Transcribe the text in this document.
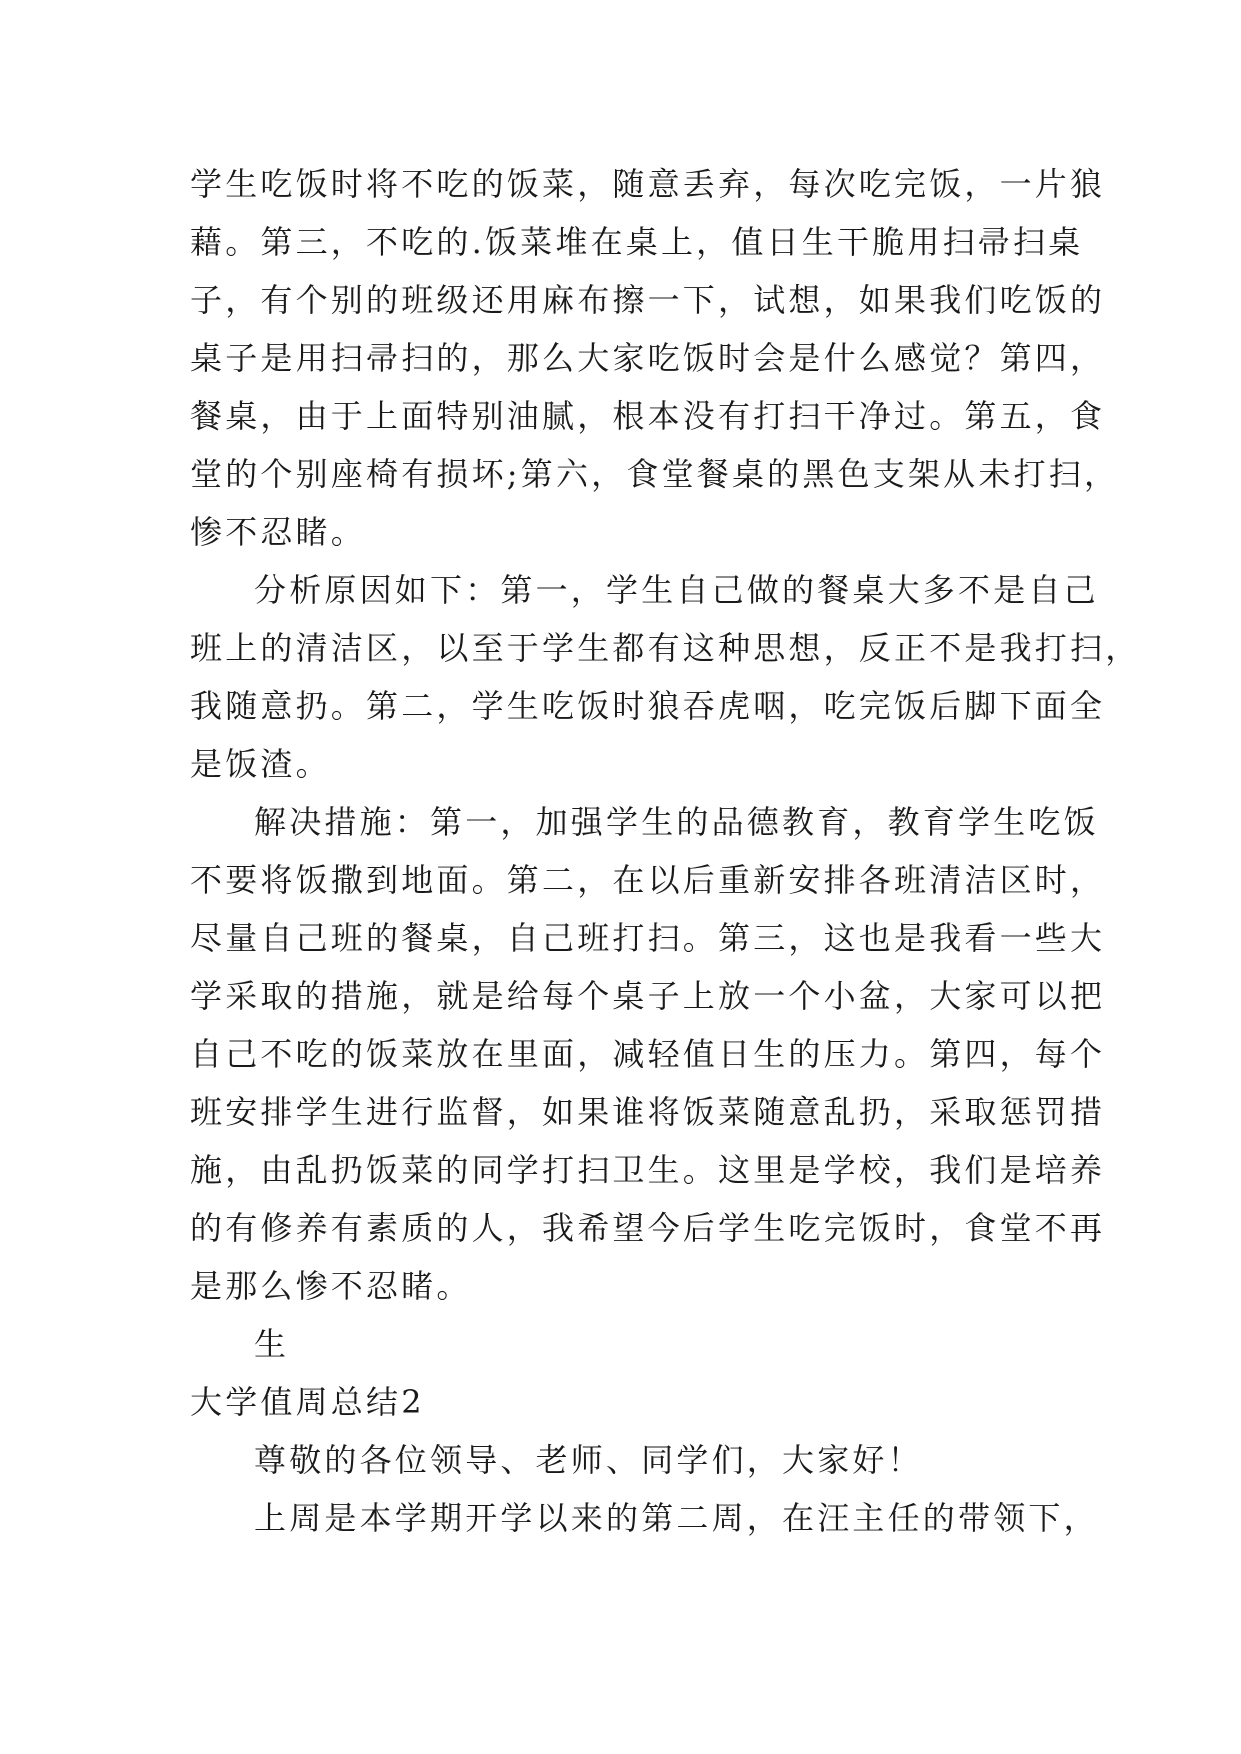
学生吃饭时将不吃的饭菜，随意丢弃，每次吃完饭，一片狼
藉。第三，不吃的.饭菜堆在桌上，值日生干脆用扫帚扫桌
子，有个别的班级还用麻布擦一下，试想，如果我们吃饭的
桌子是用扫帚扫的，那么大家吃饭时会是什么感觉？第四，
餐桌，由于上面特别油腻，根本没有打扫干净过。第五，食
堂的个别座椅有损坏;第六，食堂餐桌的黑色支架从未打扫，
惨不忍睹。
分析原因如下：第一，学生自己做的餐桌大多不是自己
班上的清洁区，以至于学生都有这种思想，反正不是我打扫，
我随意扔。第二，学生吃饭时狼吞虎咽，吃完饭后脚下面全
是饭渣。
解决措施：第一，加强学生的品德教育，教育学生吃饭
不要将饭撒到地面。第二，在以后重新安排各班清洁区时，
尽量自己班的餐桌，自己班打扫。第三，这也是我看一些大
学采取的措施，就是给每个桌子上放一个小盆，大家可以把
自己不吃的饭菜放在里面，减轻值日生的压力。第四，每个
班安排学生进行监督，如果谁将饭菜随意乱扔，采取惩罚措
施，由乱扔饭菜的同学打扫卫生。这里是学校，我们是培养
的有修养有素质的人，我希望今后学生吃完饭时，食堂不再
是那么惨不忍睹。
生
大学值周总结2
尊敬的各位领导、老师、同学们，大家好！
上周是本学期开学以来的第二周，在汪主任的带领下，
